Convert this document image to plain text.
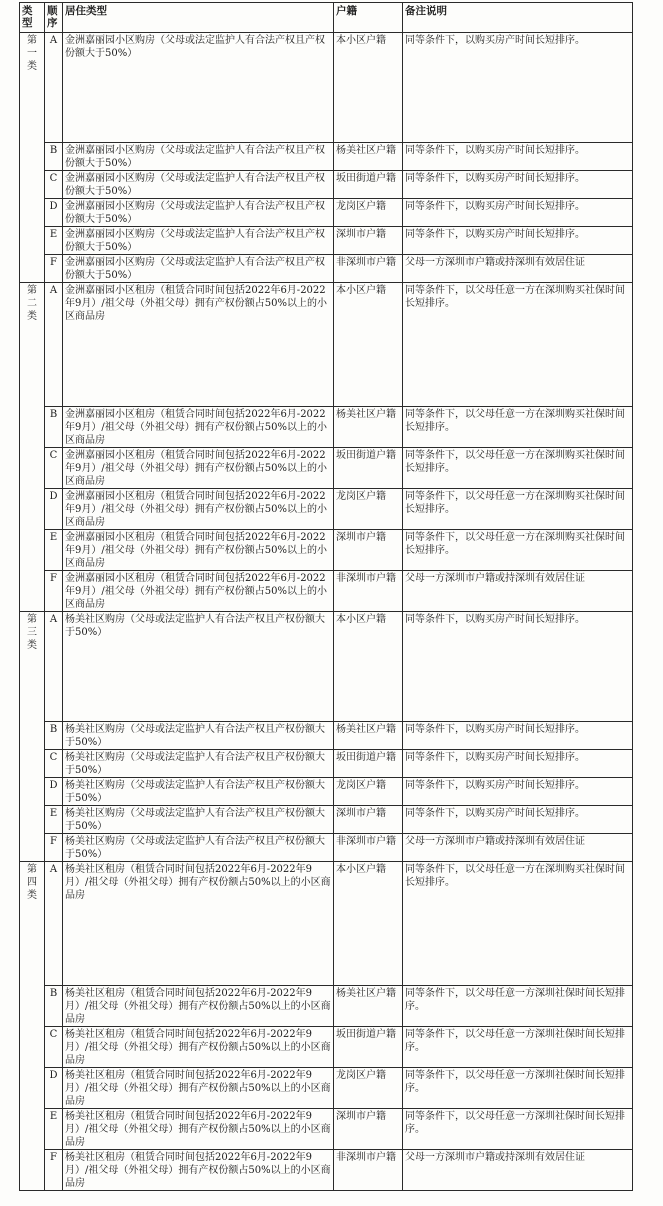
类型	顺序	居住类型	户籍	备注说明
第一类	A	金洲嘉丽园小区购房（父母或法定监护人有合法产权且产权份额大于50%）	本小区户籍	同等条件下，以购买房产时间长短排序。
	B	金洲嘉丽园小区购房（父母或法定监护人有合法产权且产权份额大于50%）	杨美社区户籍	同等条件下，以购买房产时间长短排序。
	C	金洲嘉丽园小区购房（父母或法定监护人有合法产权且产权份额大于50%）	坂田街道户籍	同等条件下，以购买房产时间长短排序。
	D	金洲嘉丽园小区购房（父母或法定监护人有合法产权且产权份额大于50%）	龙岗区户籍	同等条件下，以购买房产时间长短排序。
	E	金洲嘉丽园小区购房（父母或法定监护人有合法产权且产权份额大于50%）	深圳市户籍	同等条件下，以购买房产时间长短排序。
	F	金洲嘉丽园小区购房（父母或法定监护人有合法产权且产权份额大于50%）	非深圳市户籍	父母一方深圳市户籍或持深圳有效居住证
第二类	A	金洲嘉丽园小区租房（租赁合同时间包括2022年6月-2022年9月）/祖父母（外祖父母）拥有产权份额占50%以上的小区商品房	本小区户籍	同等条件下，以父母任意一方在深圳购买社保时间长短排序。
	B	金洲嘉丽园小区租房（租赁合同时间包括2022年6月-2022年9月）/祖父母（外祖父母）拥有产权份额占50%以上的小区商品房	杨美社区户籍	同等条件下，以父母任意一方在深圳购买社保时间长短排序。
	C	金洲嘉丽园小区租房（租赁合同时间包括2022年6月-2022年9月）/祖父母（外祖父母）拥有产权份额占50%以上的小区商品房	坂田街道户籍	同等条件下，以父母任意一方在深圳购买社保时间长短排序。
	D	金洲嘉丽园小区租房（租赁合同时间包括2022年6月-2022年9月）/祖父母（外祖父母）拥有产权份额占50%以上的小区商品房	龙岗区户籍	同等条件下，以父母任意一方在深圳购买社保时间长短排序。
	E	金洲嘉丽园小区租房（租赁合同时间包括2022年6月-2022年9月）/祖父母（外祖父母）拥有产权份额占50%以上的小区商品房	深圳市户籍	同等条件下，以父母任意一方在深圳购买社保时间长短排序。
	F	金洲嘉丽园小区租房（租赁合同时间包括2022年6月-2022年9月）/祖父母（外祖父母）拥有产权份额占50%以上的小区商品房	非深圳市户籍	父母一方深圳市户籍或持深圳有效居住证
第三类	A	杨美社区购房（父母或法定监护人有合法产权且产权份额大于50%）	本小区户籍	同等条件下，以购买房产时间长短排序。
	B	杨美社区购房（父母或法定监护人有合法产权且产权份额大于50%）	杨美社区户籍	同等条件下，以购买房产时间长短排序。
	C	杨美社区购房（父母或法定监护人有合法产权且产权份额大于50%）	坂田街道户籍	同等条件下，以购买房产时间长短排序。
	D	杨美社区购房（父母或法定监护人有合法产权且产权份额大于50%）	龙岗区户籍	同等条件下，以购买房产时间长短排序。
	E	杨美社区购房（父母或法定监护人有合法产权且产权份额大于50%）	深圳市户籍	同等条件下，以购买房产时间长短排序。
	F	杨美社区购房（父母或法定监护人有合法产权且产权份额大于50%）	非深圳市户籍	父母一方深圳市户籍或持深圳有效居住证
第四类	A	杨美社区租房（租赁合同时间包括2022年6月-2022年9月）/祖父母（外祖父母）拥有产权份额占50%以上的小区商品房	本小区户籍	同等条件下，以父母任意一方在深圳购买社保时间长短排序。
	B	杨美社区租房（租赁合同时间包括2022年6月-2022年9月）/祖父母（外祖父母）拥有产权份额占50%以上的小区商品房	杨美社区户籍	同等条件下，以父母任意一方深圳社保时间长短排序。
	C	杨美社区租房（租赁合同时间包括2022年6月-2022年9月）/祖父母（外祖父母）拥有产权份额占50%以上的小区商品房	坂田街道户籍	同等条件下，以父母任意一方深圳社保时间长短排序。
	D	杨美社区租房（租赁合同时间包括2022年6月-2022年9月）/祖父母（外祖父母）拥有产权份额占50%以上的小区商品房	龙岗区户籍	同等条件下，以父母任意一方深圳社保时间长短排序。
	E	杨美社区租房（租赁合同时间包括2022年6月-2022年9月）/祖父母（外祖父母）拥有产权份额占50%以上的小区商品房	深圳市户籍	同等条件下，以父母任意一方深圳社保时间长短排序。
	F	杨美社区租房（租赁合同时间包括2022年6月-2022年9月）/祖父母（外祖父母）拥有产权份额占50%以上的小区商品房	非深圳市户籍	父母一方深圳市户籍或持深圳有效居住证
